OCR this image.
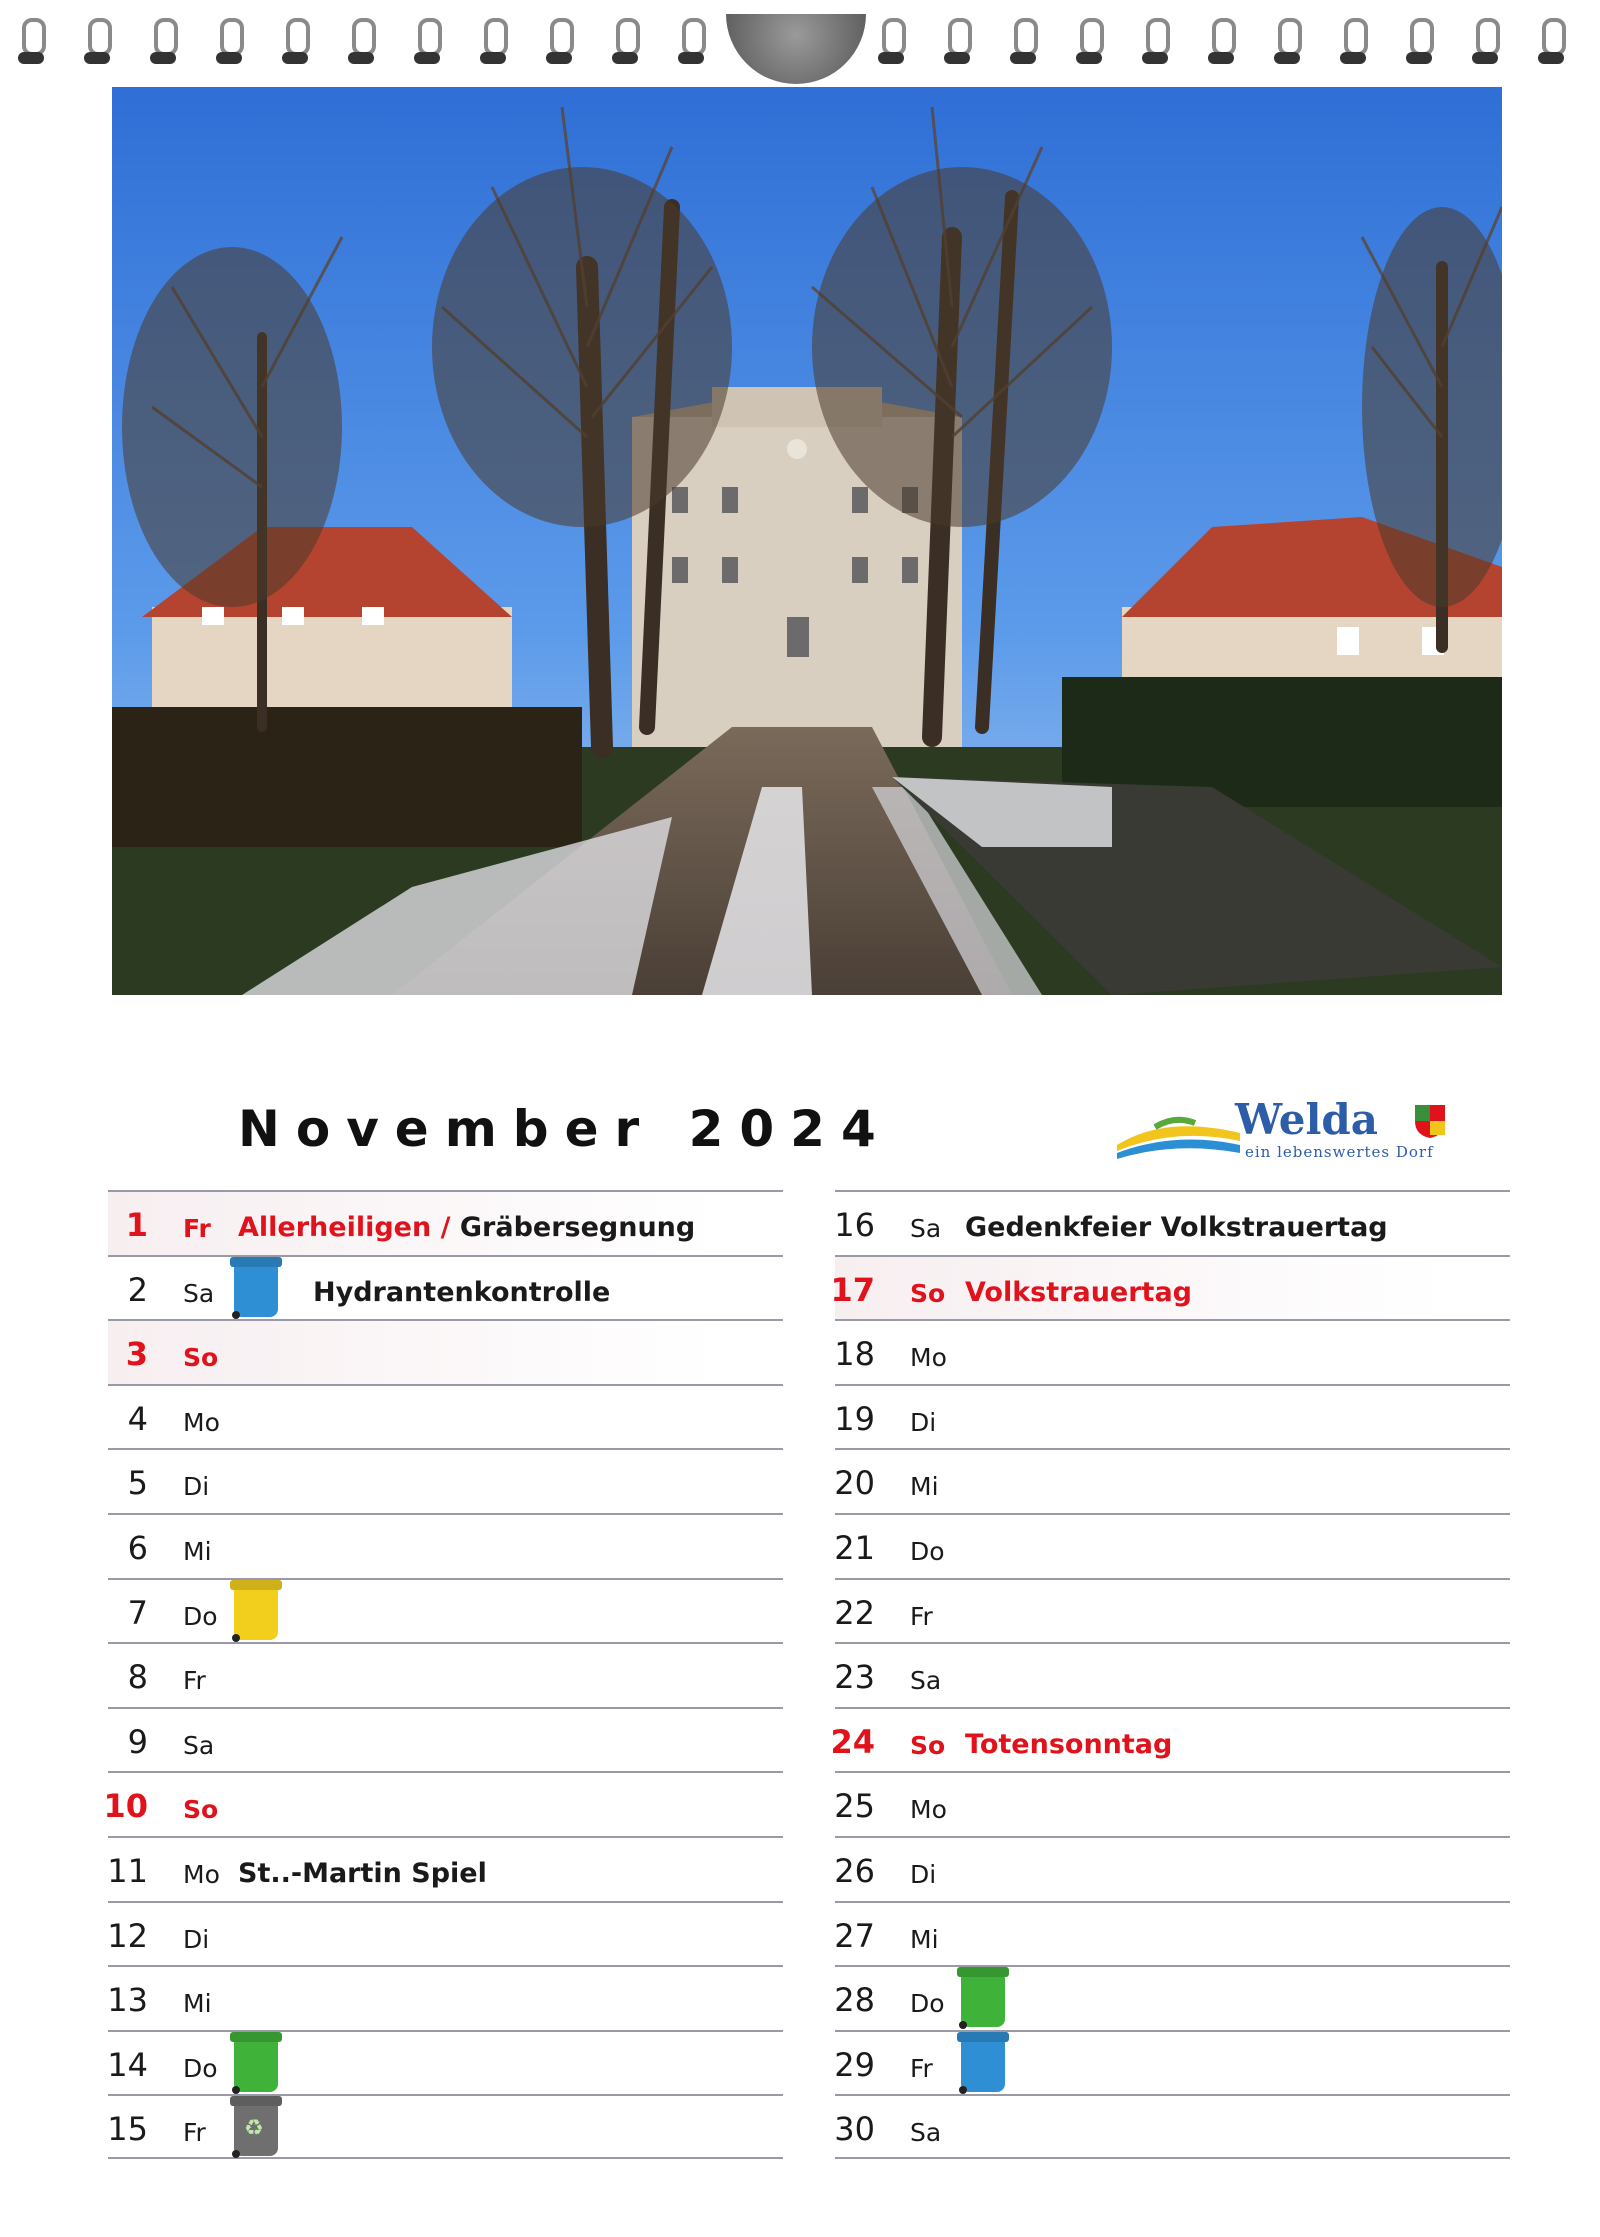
November 2024	Welda
ein lebenswertes Dorf
1 Fr Allerheiligen / Gräbersegnung
2 Sa	Hydrantenkontrolle
3 So
4 Mo
5 Di
6 Mi
7 Do
8 Fr
9 Sa
10 So
11 Mo St..-Martin Spiel
12 Di
13 Mi
14 Do
15 Fr ♻
16 Sa Gedenkfeier Volkstrauertag
17 So Volkstrauertag
18 Mo
19 Di
20 Mi
21 Do
22 Fr
23 Sa
24 So Totensonntag
25 Mo
26 Di
27 Mi
28 Do
29 Fr
30 Sa
